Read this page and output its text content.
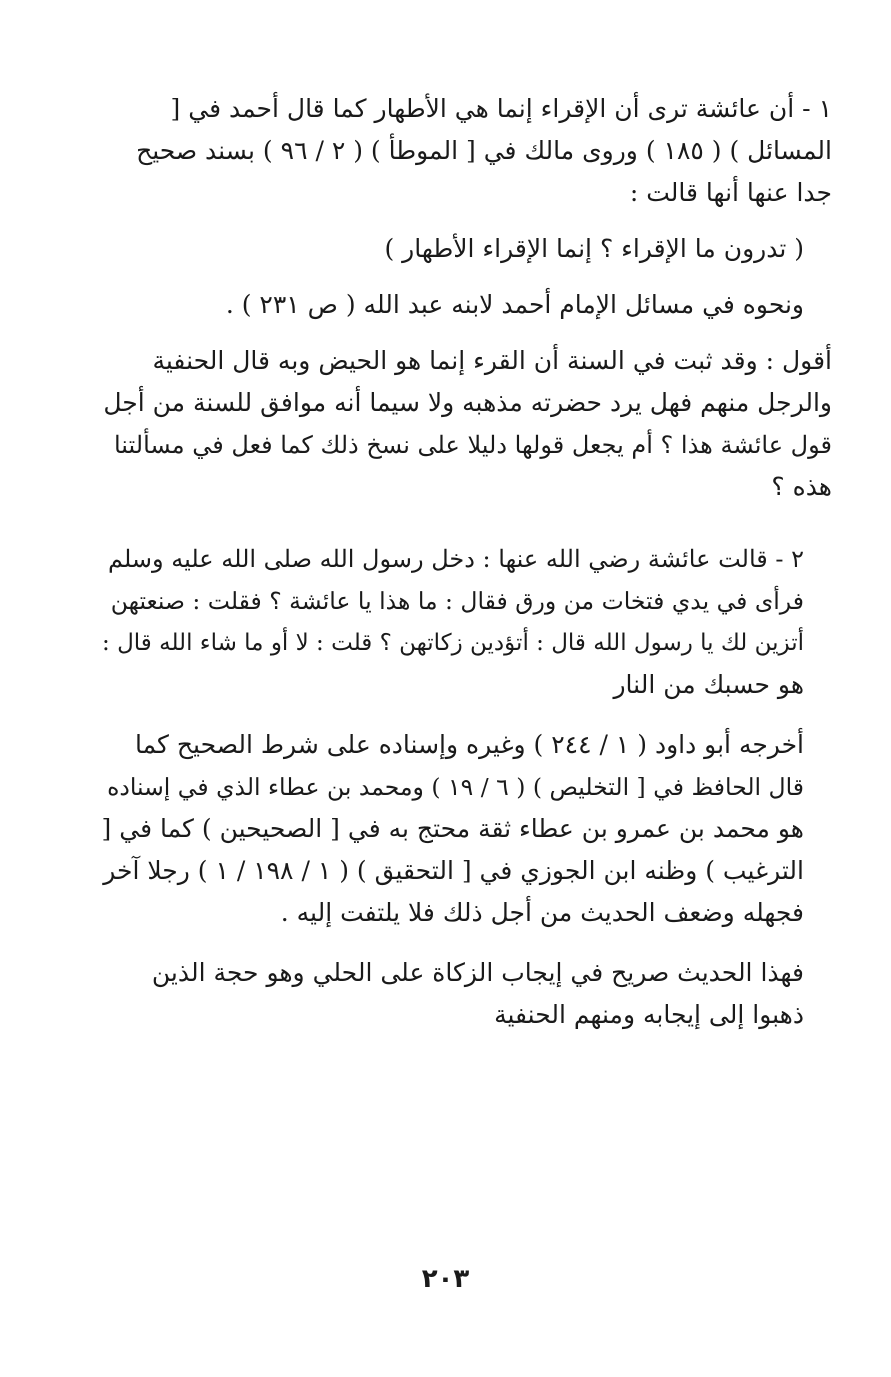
١ - أن عائشة ترى أن الإقراء إنما هي الأطهار كما قال أحمد في [
المسائل ) ( ١٨٥ ) وروى مالك في [ الموطأ ) ( ٢ / ٩٦ ) بسند صحيح
جدا عنها أنها قالت :

( تدرون ما الإقراء ؟ إنما الإقراء الأطهار )

ونحوه في مسائل الإمام أحمد لابنه عبد الله ( ص ٢٣١ ) .

أقول : وقد ثبت في السنة أن القرء إنما هو الحيض وبه قال الحنفية
والرجل منهم فهل يرد حضرته مذهبه ولا سيما أنه موافق للسنة من أجل
قول عائشة هذا ؟ أم يجعل قولها دليلا على نسخ ذلك كما فعل في مسألتنا
هذه ؟

٢ - قالت عائشة رضي الله عنها : دخل رسول الله صلى الله عليه وسلم
فرأى في يدي فتخات من ورق فقال : ما هذا يا عائشة ؟ فقلت : صنعتهن
أتزين لك يا رسول الله قال : أتؤدين زكاتهن ؟ قلت : لا أو ما شاء الله قال :
هو حسبك من النار

أخرجه أبو داود ( ١ / ٢٤٤ ) وغيره وإسناده على شرط الصحيح كما
قال الحافظ في [ التخليص ) ( ٦ / ١٩ ) ومحمد بن عطاء الذي في إسناده
هو محمد بن عمرو بن عطاء ثقة محتج به في [ الصحيحين ) كما في [
الترغيب ) وظنه ابن الجوزي في [ التحقيق ) ( ١ / ١٩٨ / ١ ) رجلا آخر
فجهله وضعف الحديث من أجل ذلك فلا يلتفت إليه .

فهذا الحديث صريح في إيجاب الزكاة على الحلي وهو حجة الذين
ذهبوا إلى إيجابه ومنهم الحنفية

٢٠٣
